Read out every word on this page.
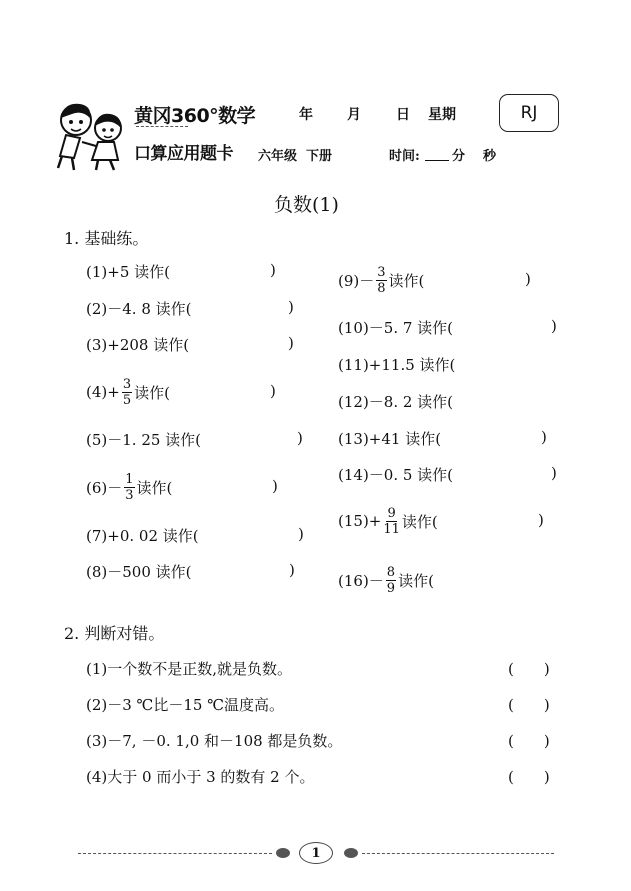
黄冈360°数学
口算应用题卡
年 月	日 星期	RJ
六年级  下册	时间: 分 秒
负数(1)
1. 基础练。
(1)+5 读作(	)
(2)－4. 8 读作(	)
(3)+208 读作(	)
$(4)+ \frac{3}{5}$ 读作(	)
(5)－1. 25 读作(	)
$(6)- \frac{1}{3}$ 读作(	)
(7)+0. 02 读作(	)
(8)－500 读作(	)
$(9)- \frac{3}{8}$ 读作(	)
(10)－5. 7 读作(	)
(11)+11.5 读作(
(12)－8. 2 读作(
(13)+41 读作(	)
(14)－0. 5 读作(	)
$(15)+ \frac{9}{11}$ 读作(	)
$(16)- \frac{8}{9}$ 读作(
2. 判断对错。
(1)一个数不是正数,就是负数。	(　　)
(2)－3 ℃比－15 ℃温度高。	(　　)
(3)－7, －0. 1,0 和－108 都是负数。	(　　)
(4)大于 0 而小于 3 的数有 2 个。	(　　)
1
